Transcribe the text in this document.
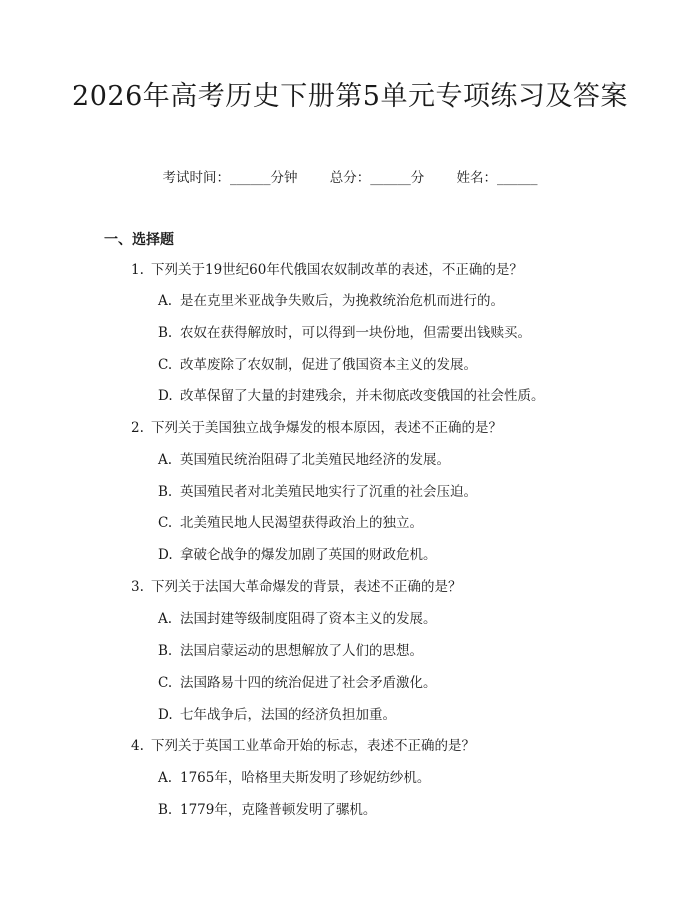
2026年高考历史下册第5单元专项练习及答案
考试时间：______分钟 总分：______分 姓名：______
一、选择题
1. 下列关于19世纪60年代俄国农奴制改革的表述，不正确的是？
A. 是在克里米亚战争失败后，为挽救统治危机而进行的。
B. 农奴在获得解放时，可以得到一块份地，但需要出钱赎买。
C. 改革废除了农奴制，促进了俄国资本主义的发展。
D. 改革保留了大量的封建残余，并未彻底改变俄国的社会性质。
2. 下列关于美国独立战争爆发的根本原因，表述不正确的是？
A. 英国殖民统治阻碍了北美殖民地经济的发展。
B. 英国殖民者对北美殖民地实行了沉重的社会压迫。
C. 北美殖民地人民渴望获得政治上的独立。
D. 拿破仑战争的爆发加剧了英国的财政危机。
3. 下列关于法国大革命爆发的背景，表述不正确的是？
A. 法国封建等级制度阻碍了资本主义的发展。
B. 法国启蒙运动的思想解放了人们的思想。
C. 法国路易十四的统治促进了社会矛盾激化。
D. 七年战争后，法国的经济负担加重。
4. 下列关于英国工业革命开始的标志，表述不正确的是？
A. 1765年，哈格里夫斯发明了珍妮纺纱机。
B. 1779年，克隆普顿发明了骡机。
